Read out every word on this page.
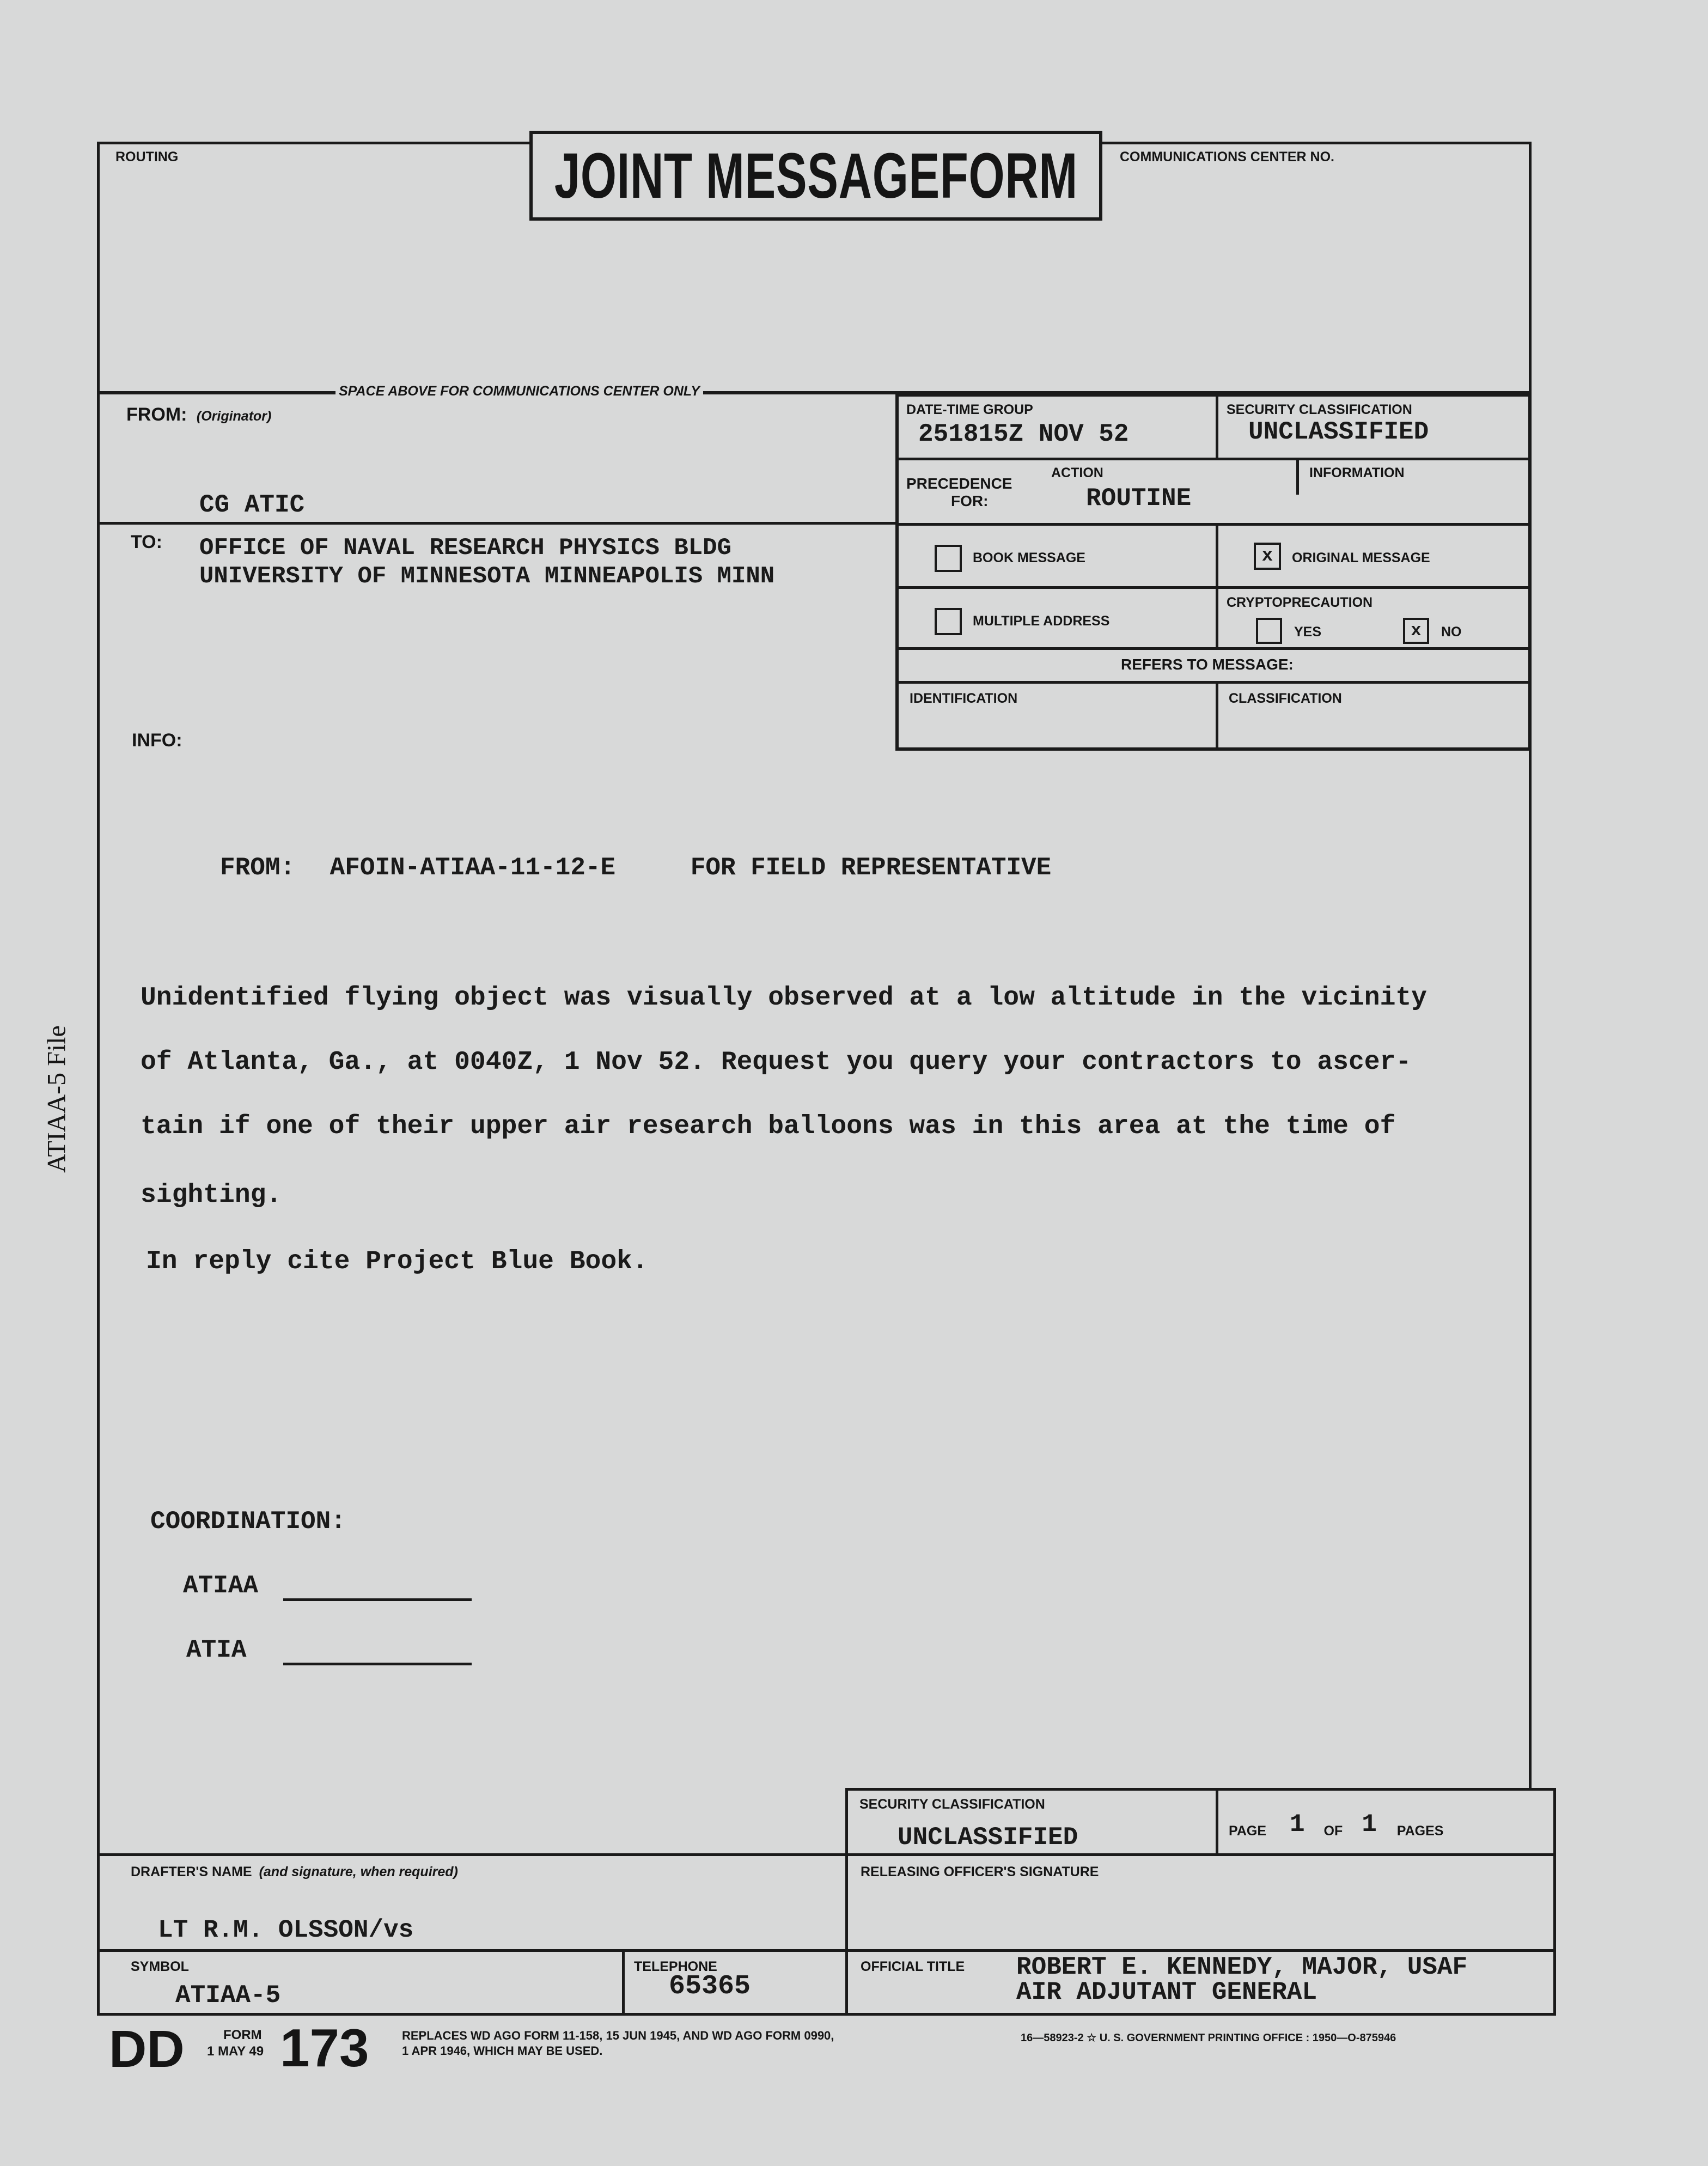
JOINT MESSAGEFORM
ROUTING	COMMUNICATIONS CENTER NO.
SPACE ABOVE FOR COMMUNICATIONS CENTER ONLY
FROM: (Originator)
CG ATIC
TO: OFFICE OF NAVAL RESEARCH PHYSICS BLDG
UNIVERSITY OF MINNESOTA MINNEAPOLIS MINN
INFO:
DATE-TIME GROUP
251815Z NOV 52
SECURITY CLASSIFICATION
UNCLASSIFIED
PRECEDENCE
FOR:
ACTION
ROUTINE
INFORMATION
BOOK MESSAGE	x ORIGINAL MESSAGE
MULTIPLE ADDRESS
CRYPTOPRECAUTION
YES	x NO
REFERS TO MESSAGE:
IDENTIFICATION	CLASSIFICATION
FROM: AFOIN-ATIAA-11-12-E	FOR FIELD REPRESENTATIVE
Unidentified flying object was visually observed at a low altitude in the vicinity
of Atlanta, Ga., at 0040Z, 1 Nov 52. Request you query your contractors to ascer-
tain if one of their upper air research balloons was in this area at the time of
sighting.
In reply cite Project Blue Book.
COORDINATION:
ATIAA
ATIA
ATIAA-5 File
SECURITY CLASSIFICATION
UNCLASSIFIED	PAGE 1 OF 1 PAGES
DRAFTER'S NAME (and signature, when required)
LT R.M. OLSSON/vs
RELEASING OFFICER'S SIGNATURE
SYMBOL
ATIAA-5
TELEPHONE
65365
OFFICIAL TITLE ROBERT E. KENNEDY, MAJOR, USAF
AIR ADJUTANT GENERAL
DD	FORM
1 MAY 49 173	REPLACES WD AGO FORM 11-158, 15 JUN 1945, AND WD AGO FORM 0990,
1 APR 1946, WHICH MAY BE USED.
16—58923-2 ☆ U. S. GOVERNMENT PRINTING OFFICE : 1950—O-875946
